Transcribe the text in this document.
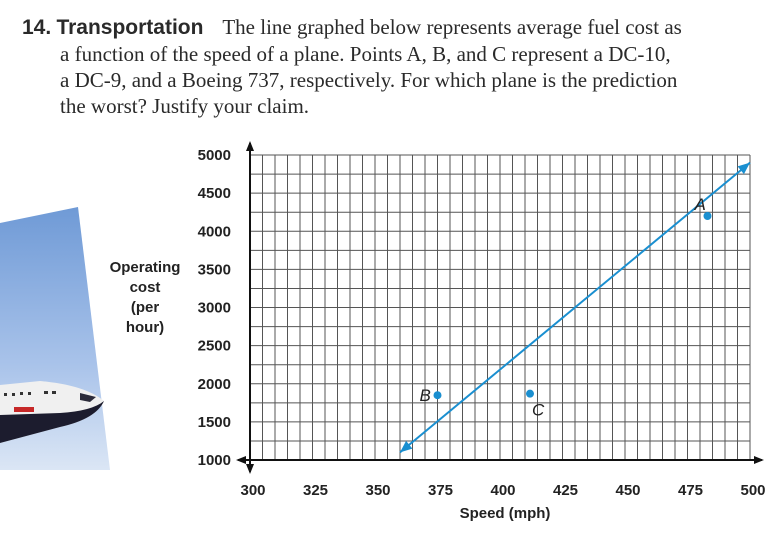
14. Transportation The line graphed below represents average fuel cost as
a function of the speed of a plane. Points A, B, and C represent a DC-10,
a DC-9, and a Boeing 737, respectively. For which plane is the prediction
the worst? Justify your claim.
1000
1500
2000
2500
3000
3500
4000
4500
5000
300 325 350 375 400 425 450 475 500
A
B
C
Operating
cost
(per
hour)
Speed (mph)
